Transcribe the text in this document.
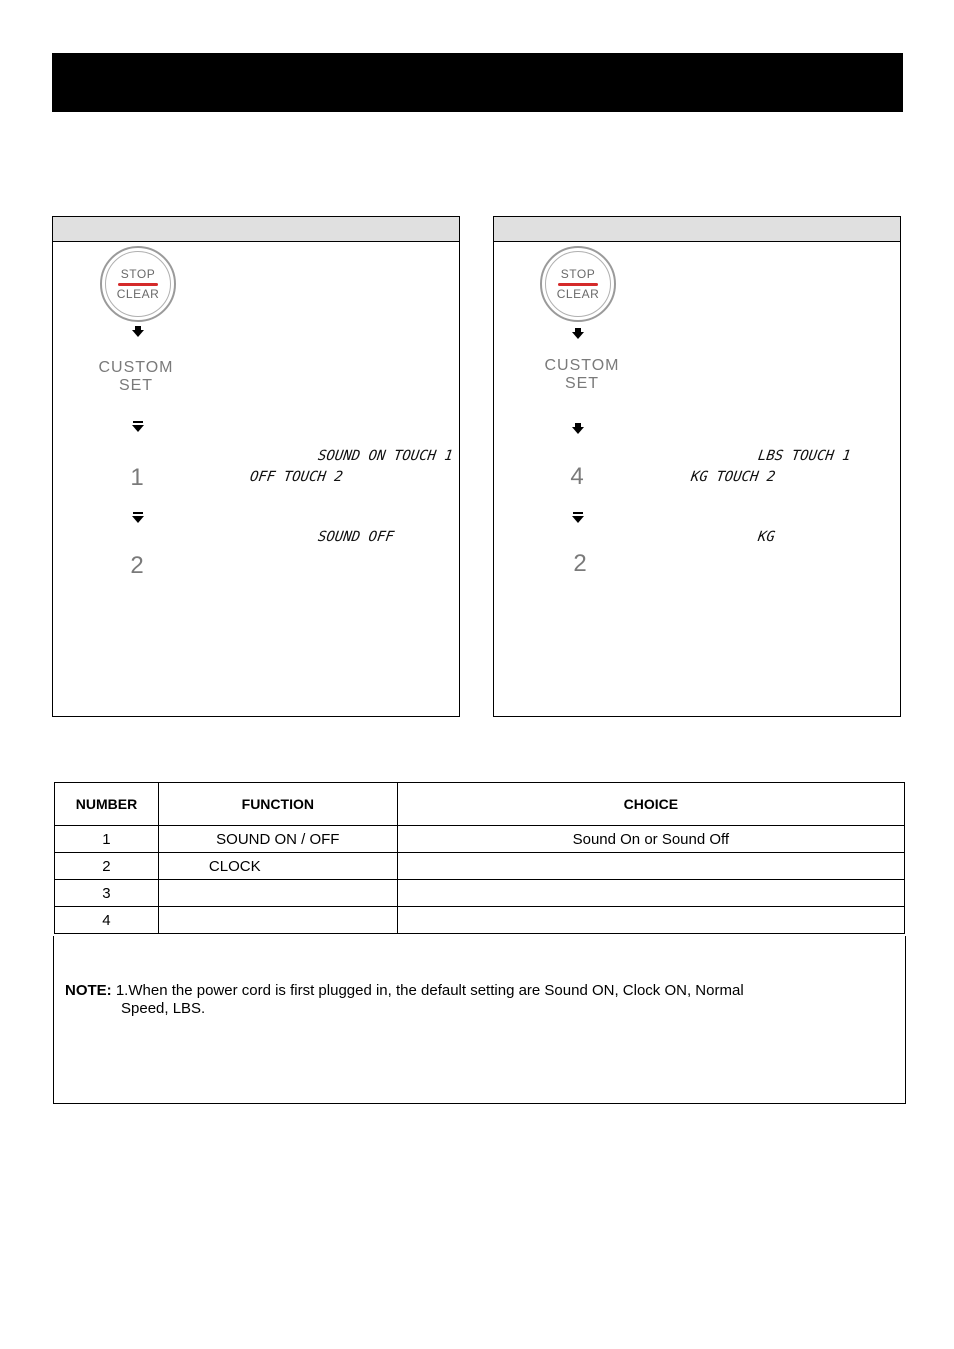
STOP
CLEAR
CUSTOM
SET
SOUND ON TOUCH 1
OFF TOUCH 2
1
SOUND OFF
2
STOP
CLEAR
CUSTOM
SET
LBS TOUCH 1
KG TOUCH 2
4
KG
2
NUMBER	FUNCTION	CHOICE
1	SOUND ON / OFF	Sound On or Sound Off
2	CLOCK	
3		
4		
NOTE: 1.When the power cord is first plugged in, the default setting are Sound ON, Clock ON, Normal
Speed, LBS.
